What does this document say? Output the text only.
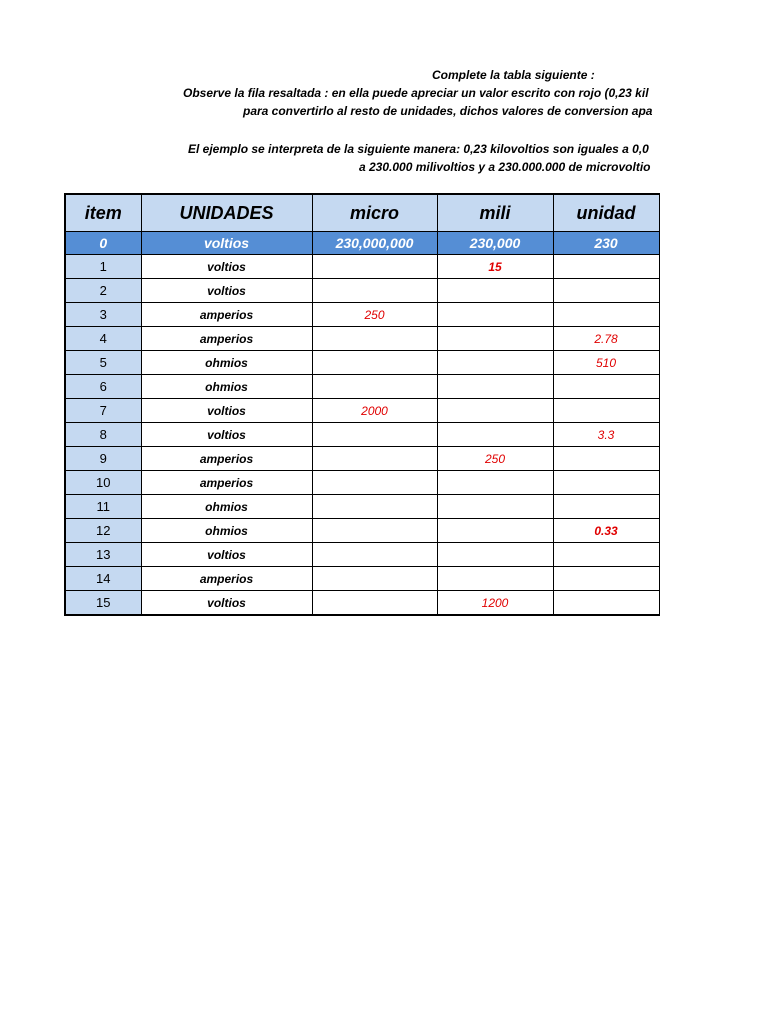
Complete la tabla siguiente :
Observe la fila resaltada : en ella puede apreciar un valor escrito con rojo (0,23 kil
para convertirlo al resto de unidades, dichos valores de conversion apa
El ejemplo se interpreta de la siguiente manera: 0,23 kilovoltios son iguales a 0,0
a 230.000 milivoltios y a 230.000.000 de microvoltio
item	UNIDADES	micro	mili	unidad	
0	voltios	230,000,000	230,000	230	
1	voltios		15		
2	voltios				
3	amperios	250			
4	amperios			2.78	
5	ohmios			510	
6	ohmios				
7	voltios	2000			
8	voltios			3.3	
9	amperios		250		
10	amperios				
11	ohmios				
12	ohmios			0.33	
13	voltios				
14	amperios				
15	voltios		1200		
